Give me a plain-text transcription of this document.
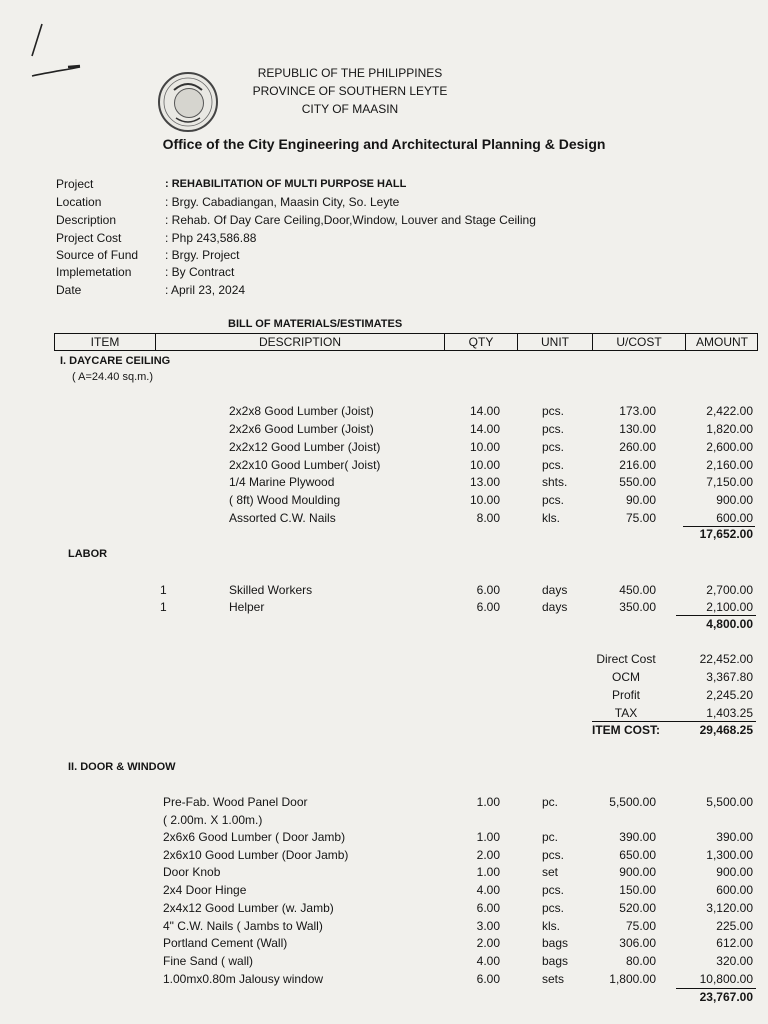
REPUBLIC OF THE PHILIPPINES
PROVINCE OF SOUTHERN LEYTE
CITY OF MAASIN
Office of the City Engineering and Architectural Planning & Design
Project	: REHABILITATION OF MULTI PURPOSE HALL
Location	: Brgy. Cabadiangan, Maasin City, So. Leyte
Description	: Rehab. Of Day Care Ceiling,Door,Window, Louver and Stage Ceiling
Project Cost	: Php 243,586.88
Source of Fund : Brgy. Project
Implemetation	: By Contract
Date	: April 23, 2024
BILL OF MATERIALS/ESTIMATES
ITEM	DESCRIPTION	QTY	UNIT	U/COST	AMOUNT
I. DAYCARE CEILING
( A=24.40 sq.m.)
2x2x8 Good Lumber (Joist)	14.00	pcs.	173.00	2,422.00
2x2x6 Good Lumber (Joist)	14.00	pcs.	130.00	1,820.00
2x2x12 Good Lumber (Joist)	10.00	pcs.	260.00	2,600.00
2x2x10 Good Lumber( Joist)	10.00	pcs.	216.00	2,160.00
1/4 Marine Plywood	13.00	shts.	550.00	7,150.00
( 8ft) Wood Moulding	10.00	pcs.	90.00	900.00
Assorted C.W. Nails	8.00	kls.	75.00	600.00
17,652.00
LABOR
1	Skilled Workers	6.00	days	450.00	2,700.00
1	Helper	6.00	days	350.00	2,100.00
4,800.00
Direct Cost	22,452.00
OCM	3,367.80
Profit	2,245.20
TAX	1,403.25
ITEM COST:	29,468.25
II. DOOR & WINDOW
Pre-Fab. Wood Panel Door	1.00	pc.	5,500.00	5,500.00
( 2.00m. X 1.00m.)
2x6x6 Good Lumber ( Door Jamb)	1.00	pc.	390.00	390.00
2x6x10 Good Lumber (Door Jamb)	2.00	pcs.	650.00	1,300.00
Door Knob	1.00	set	900.00	900.00
2x4 Door Hinge	4.00	pcs.	150.00	600.00
2x4x12 Good Lumber (w. Jamb)	6.00	pcs.	520.00	3,120.00
4" C.W. Nails ( Jambs to Wall)	3.00	kls.	75.00	225.00
Portland Cement (Wall)	2.00	bags	306.00	612.00
Fine Sand ( wall)	4.00	bags	80.00	320.00
1.00mx0.80m Jalousy window	6.00	sets	1,800.00	10,800.00
23,767.00
